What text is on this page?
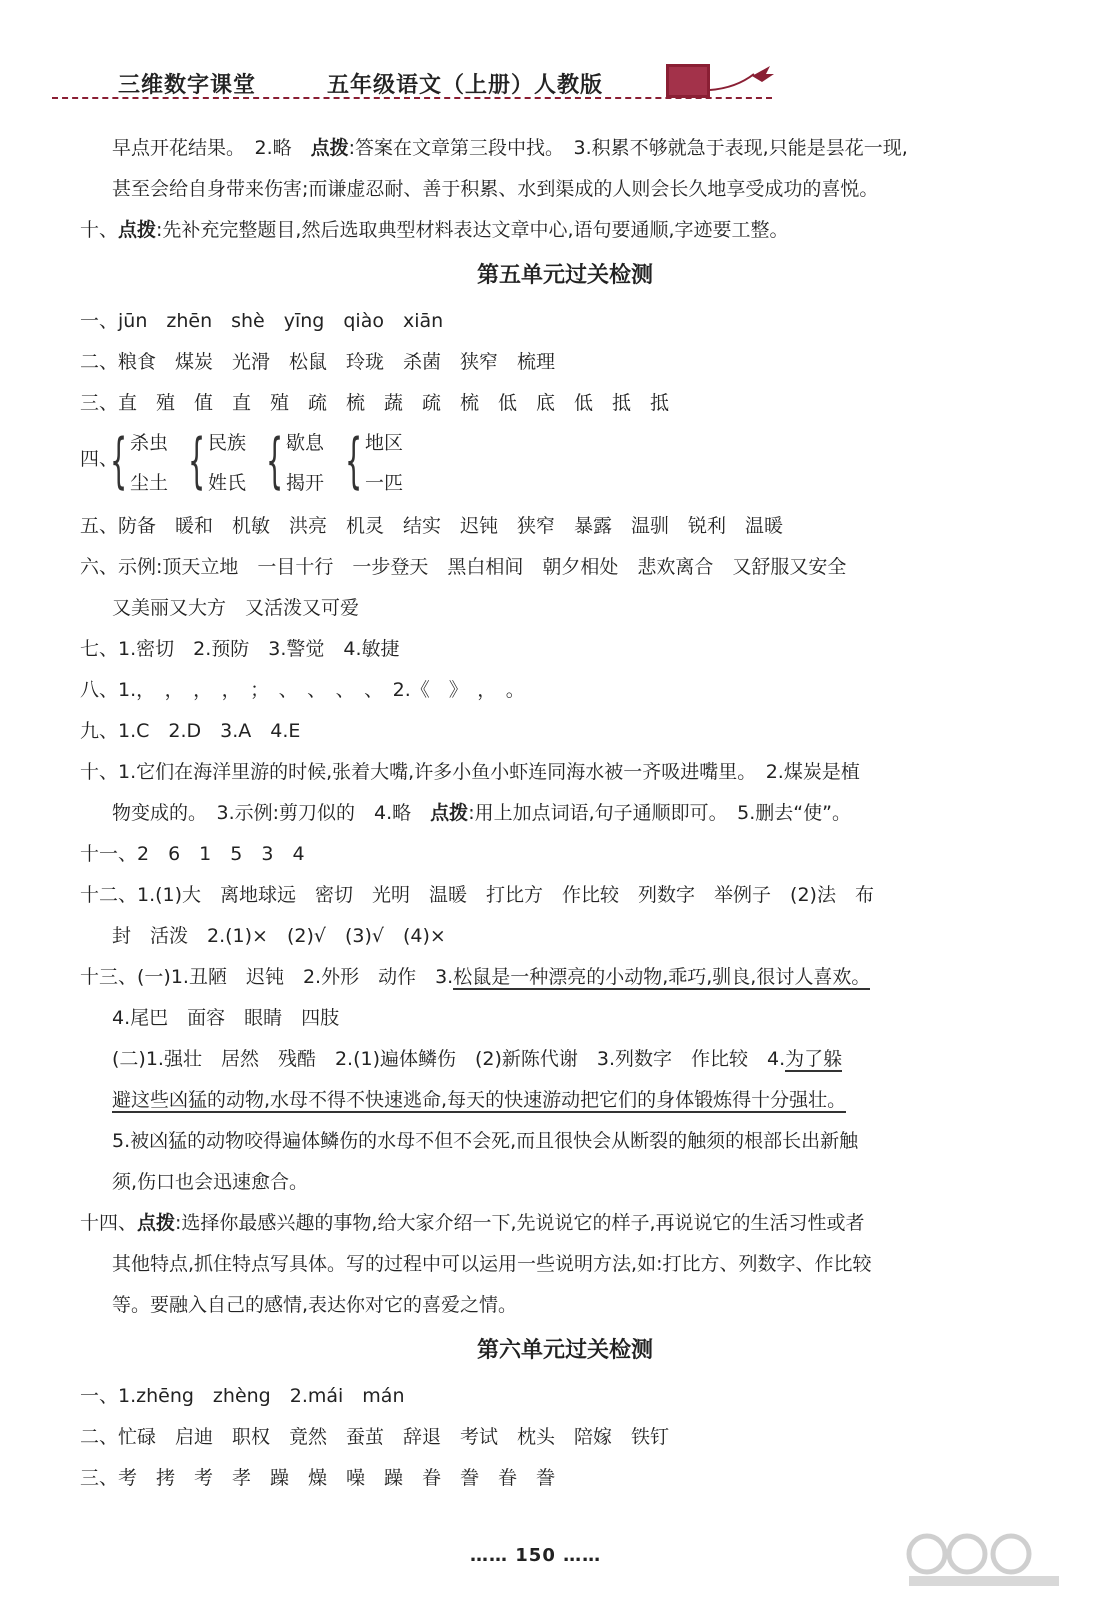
三维数字课堂	五年级语文（上册）人教版
早点开花结果。　2.略　点拨:答案在文章第三段中找。　3.积累不够就急于表现,只能是昙花一现,
甚至会给自身带来伤害;而谦虚忍耐、善于积累、水到渠成的人则会长久地享受成功的喜悦。
十、点拨:先补充完整题目,然后选取典型材料表达文章中心,语句要通顺,字迹要工整。
第五单元过关检测
一、jūn　zhēn　shè　yīng　qiào　xiān
二、粮食　煤炭　光滑　松鼠　玲珑　杀菌　狭窄　梳理
三、直　殖　值　直　殖　疏　梳　蔬　疏　梳　低　底　低　抵　抵
四、
{ 杀虫
尘土 { 民族
姓氏 { 歇息
揭开 { 地区
一匹
五、防备　暖和　机敏　洪亮　机灵　结实　迟钝　狭窄　暴露　温驯　锐利　温暖
六、示例:顶天立地　一目十行　一步登天　黑白相间　朝夕相处　悲欢离合　又舒服又安全
又美丽又大方　又活泼又可爱
七、1.密切　2.预防　3.警觉　4.敏捷
八、1.，　，　，　，　；　、　、　、　、　2.《　》　，　。
九、1.C　2.D　3.A　4.E
十、1.它们在海洋里游的时候,张着大嘴,许多小鱼小虾连同海水被一齐吸进嘴里。　2.煤炭是植
物变成的。　3.示例:剪刀似的　4.略　点拨:用上加点词语,句子通顺即可。　5.删去“使”。
十一、2　6　1　5　3　4
十二、1.(1)大　离地球远　密切　光明　温暖　打比方　作比较　列数字　举例子　(2)法　布
封　活泼　2.(1)×　(2)√　(3)√　(4)×
十三、(一)1.丑陋　迟钝　2.外形　动作　3.松鼠是一种漂亮的小动物,乖巧,驯良,很讨人喜欢。
4.尾巴　面容　眼睛　四肢
(二)1.强壮　居然　残酷　2.(1)遍体鳞伤　(2)新陈代谢　3.列数字　作比较　4.为了躲
避这些凶猛的动物,水母不得不快速逃命,每天的快速游动把它们的身体锻炼得十分强壮。
5.被凶猛的动物咬得遍体鳞伤的水母不但不会死,而且很快会从断裂的触须的根部长出新触
须,伤口也会迅速愈合。
十四、点拨:选择你最感兴趣的事物,给大家介绍一下,先说说它的样子,再说说它的生活习性或者
其他特点,抓住特点写具体。写的过程中可以运用一些说明方法,如:打比方、列数字、作比较
等。要融入自己的感情,表达你对它的喜爱之情。
第六单元过关检测
一、1.zhēng　zhèng　2.mái　mán
二、忙碌　启迪　职权　竟然　蚕茧　辞退　考试　枕头　陪嫁　铁钉
三、考　拷　考　孝　躁　燥　噪　躁　眷　誊　眷　誊
…… 150 ……
